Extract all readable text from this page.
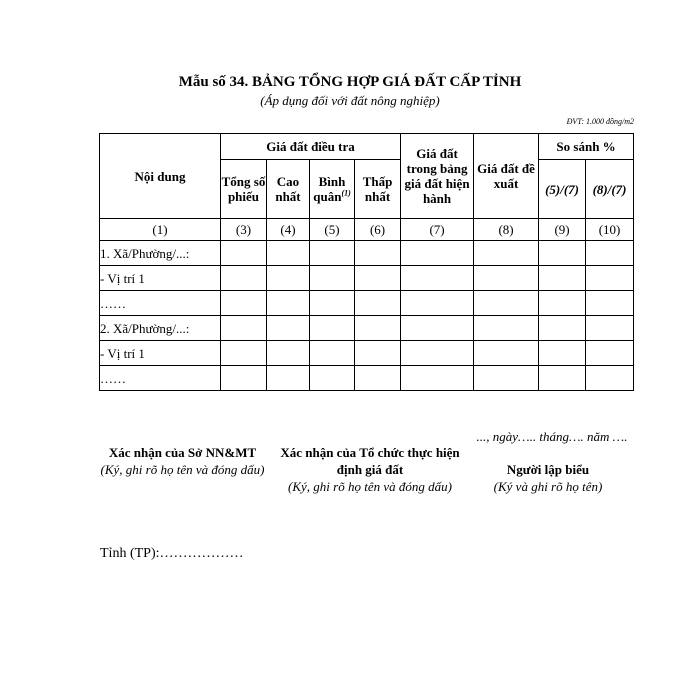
Mẫu số 34. BẢNG TỔNG HỢP GIÁ ĐẤT CẤP TỈNH
(Áp dụng đối với đất nông nghiệp)
ĐVT: 1.000 đồng/m2
Nội dung	Giá đất điều tra				Giá đất trong bảng giá đất hiện hành	Giá đất đề xuất	So sánh %	
	Tổng số phiếu	Cao nhất	Bình quân$^{(1)}$	Thấp nhất			(5)/(7)	(8)/(7)
(1)	(3)	(4)	(5)	(6)	(7)	(8)	(9)	(10)
1. Xã/Phường/...:								
- Vị trí 1								
……								
2. Xã/Phường/...:								
- Vị trí 1								
……								
..., ngày….. tháng…. năm ….
Xác nhận của Sở NN&MT
(Ký, ghi rõ họ tên và đóng dấu)
Xác nhận của Tổ chức thực hiện định giá đất
(Ký, ghi rõ họ tên và đóng dấu)
Người lập biểu
(Ký và ghi rõ họ tên)
Tỉnh (TP):………………
